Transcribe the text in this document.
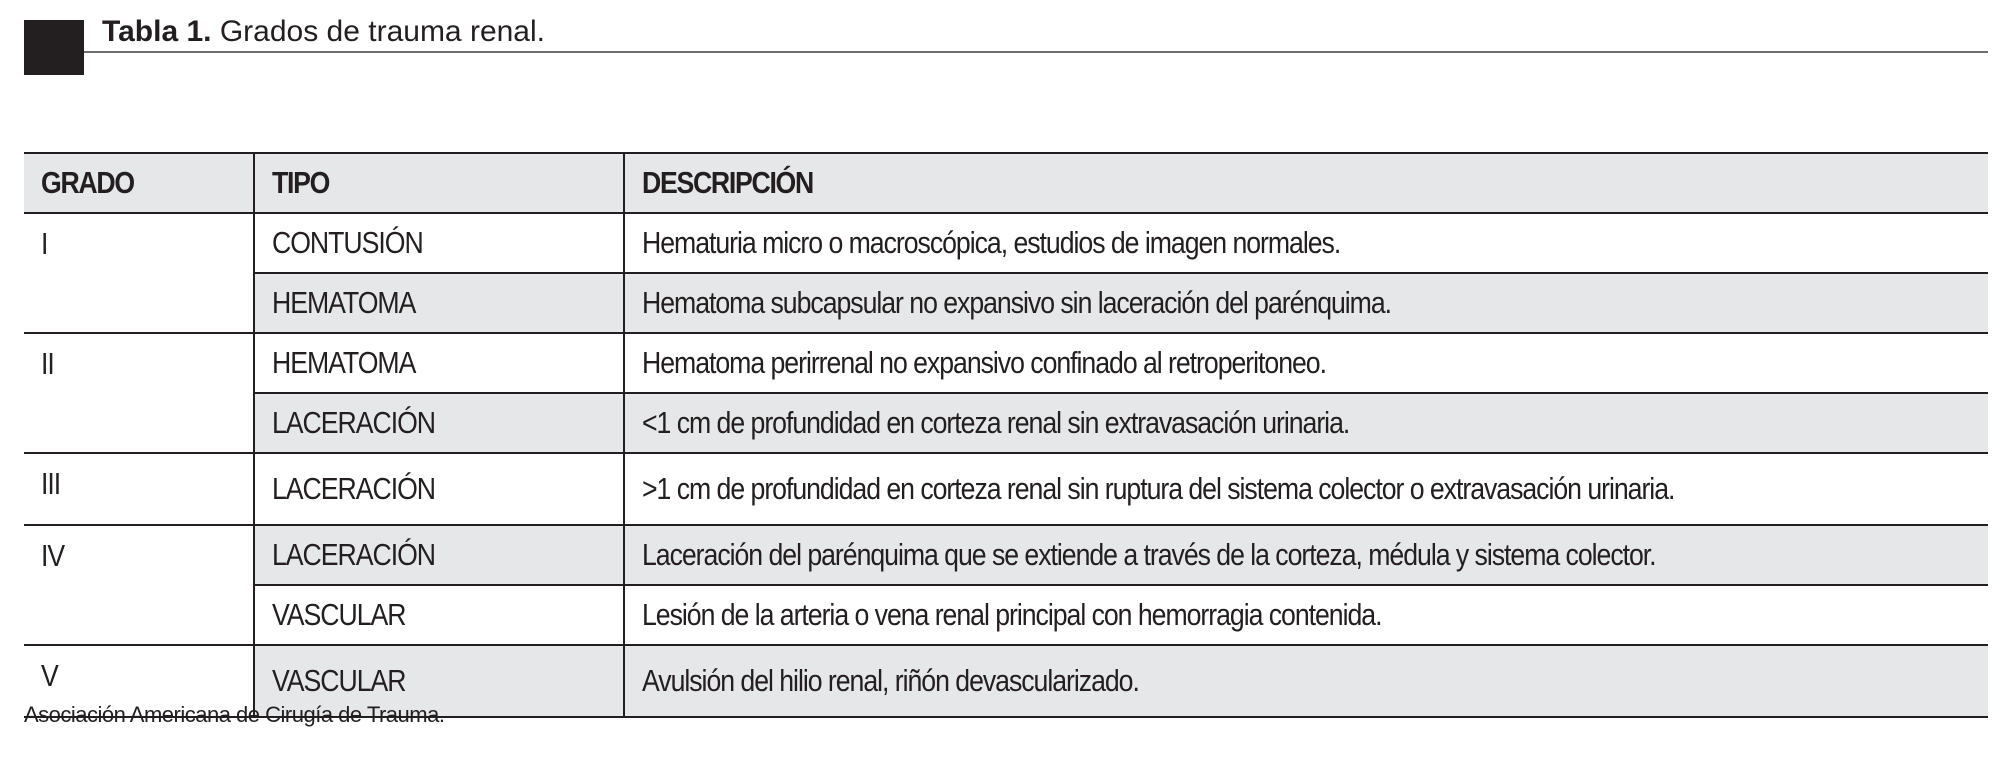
Tabla 1. Grados de trauma renal.
GRADO	TIPO	DESCRIPCIÓN
I	CONTUSIÓN	Hematuria micro o macroscópica, estudios de imagen normales.
	HEMATOMA	Hematoma subcapsular no expansivo sin laceración del parénquima.
II	HEMATOMA	Hematoma perirrenal no expansivo confinado al retroperitoneo.
	LACERACIÓN	<1 cm de profundidad en corteza renal sin extravasación urinaria.
III	LACERACIÓN	>1 cm de profundidad en corteza renal sin ruptura del sistema colector o extravasación urinaria.
IV	LACERACIÓN	Laceración del parénquima que se extiende a través de la corteza, médula y sistema colector.
	VASCULAR	Lesión de la arteria o vena renal principal con hemorragia contenida.
V	VASCULAR	Avulsión del hilio renal, riñón devascularizado.
Asociación Americana de Cirugía de Trauma.
